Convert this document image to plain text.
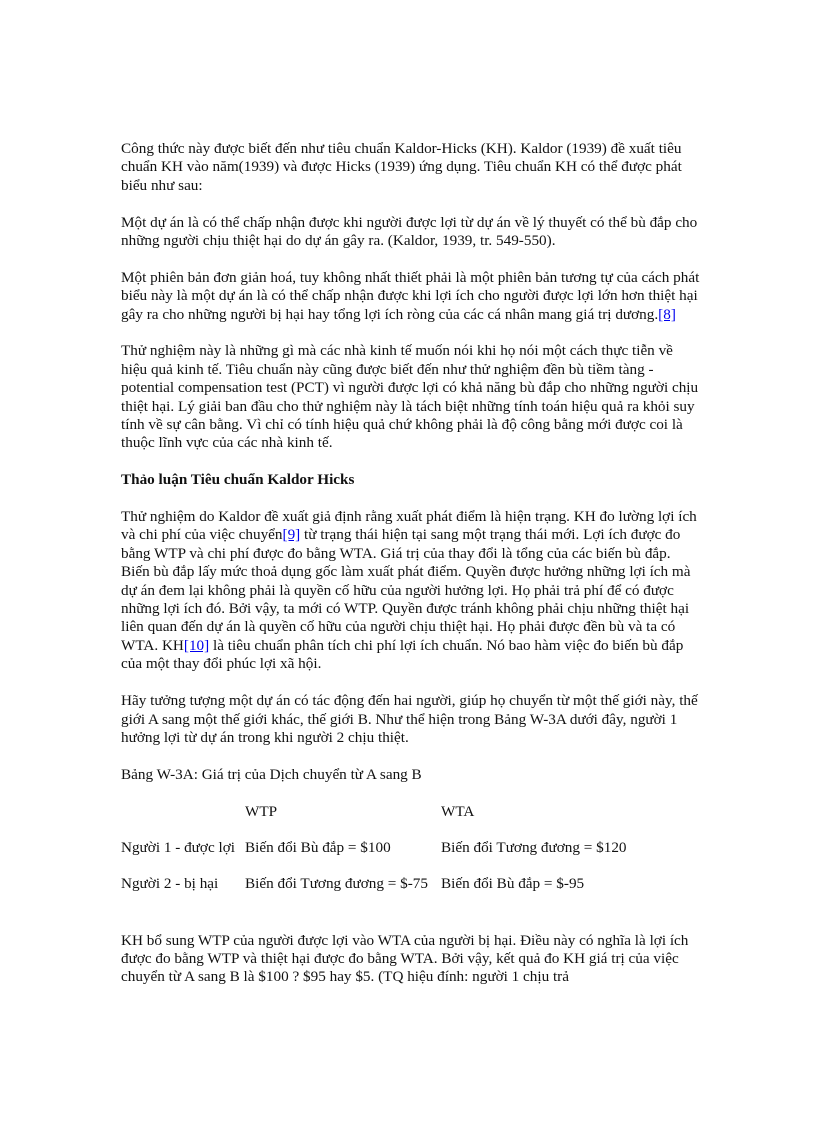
Công thức này được biết đến như tiêu chuẩn Kaldor-Hicks (KH). Kaldor (1939) đề xuất tiêu chuẩn KH vào năm(1939) và được Hicks (1939) ứng dụng. Tiêu chuẩn KH có thể được phát biểu như sau:

Một dự án là có thể chấp nhận được khi người được lợi từ dự án về lý thuyết có thể bù đắp cho những người chịu thiệt hại do dự án gây ra. (Kaldor, 1939, tr. 549-550).

Một phiên bản đơn giản hoá, tuy không nhất thiết phải là một phiên bản tương tự của cách phát biểu này là một dự án là có thể chấp nhận được khi lợi ích cho người được lợi lớn hơn thiệt hại gây ra cho những người bị hại hay tổng lợi ích ròng của các cá nhân mang giá trị dương.[8]

Thử nghiệm này là những gì mà các nhà kinh tế muốn nói khi họ nói một cách thực tiễn về hiệu quả kinh tế. Tiêu chuẩn này cũng được biết đến như thử nghiệm đền bù tiềm tàng - potential compensation test (PCT) vì người được lợi có khả năng bù đắp cho những người chịu thiệt hại. Lý giải ban đầu cho thử nghiệm này là tách biệt những tính toán hiệu quả ra khỏi suy tính về sự cân bằng. Vì chỉ có tính hiệu quả chứ không phải là độ công bằng mới được coi là thuộc lĩnh vực của các nhà kinh tế.

Thảo luận Tiêu chuẩn Kaldor Hicks

Thử nghiệm do Kaldor đề xuất giả định rằng xuất phát điểm là hiện trạng. KH đo lường lợi ích và chi phí của việc chuyển[9] từ trạng thái hiện tại sang một trạng thái mới. Lợi ích được đo bằng WTP và chi phí được đo bằng WTA. Giá trị của thay đổi là tổng của các biến bù đắp. Biến bù đắp lấy mức thoả dụng gốc làm xuất phát điểm. Quyền được hưởng những lợi ích mà dự án đem lại không phải là quyền cố hữu của người hưởng lợi. Họ phải trả phí để có được những lợi ích đó. Bởi vậy, ta mới có WTP. Quyền được tránh không phải chịu những thiệt hại liên quan đến dự án là quyền cố hữu của người chịu thiệt hại. Họ phải được đền bù và ta có WTA. KH[10] là tiêu chuẩn phân tích chi phí lợi ích chuẩn. Nó bao hàm việc đo biến bù đắp của một thay đổi phúc lợi xã hội.

Hãy tưởng tượng một dự án có tác động đến hai người, giúp họ chuyển từ một thế giới này, thế giới A sang một thế giới khác, thế giới B. Như thể hiện trong Bảng W-3A dưới đây, người 1 hưởng lợi từ dự án trong khi người 2 chịu thiệt.

Bảng W-3A: Giá trị của Dịch chuyển từ A sang B

WTP	WTA
Người 1 - được lợi Biến đổi Bù đắp = $100	Biến đổi Tương đương = $120
Người 2 - bị hại Biến đổi Tương đương = $-75 Biến đổi Bù đắp = $-95

KH bổ sung WTP của người được lợi vào WTA của người bị hại. Điều này có nghĩa là lợi ích được đo bằng WTP và thiệt hại được đo bằng WTA. Bởi vậy, kết quả đo KH giá trị của việc chuyển từ A sang B là $100 ? $95 hay $5. (TQ hiệu đính: người 1 chịu trả
